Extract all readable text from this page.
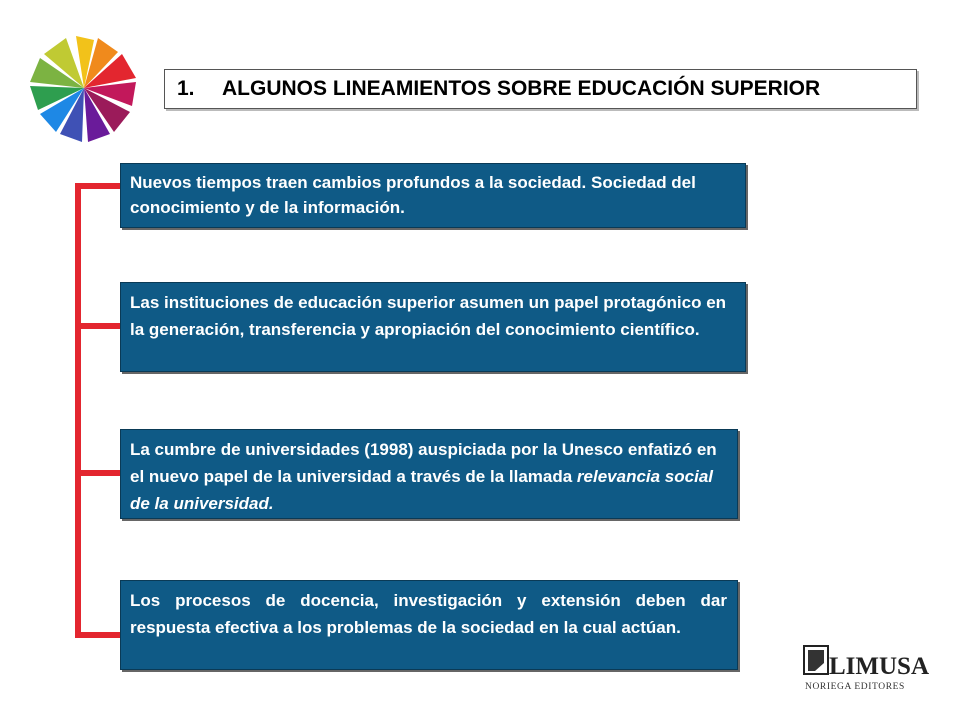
1.	ALGUNOS LINEAMIENTOS SOBRE EDUCACIÓN SUPERIOR
Nuevos tiempos traen cambios profundos a la sociedad. Sociedad del conocimiento y de la información.
Las instituciones de educación superior asumen un papel protagónico en la generación, transferencia y apropiación del conocimiento científico.
La cumbre de universidades (1998) auspiciada por la Unesco enfatizó en el nuevo papel de la universidad a través de la llamada relevancia social de la universidad.
Los procesos de docencia, investigación y extensión deben dar respuesta efectiva a los problemas de la sociedad en la cual actúan.
LIMUSA
NORIEGA EDITORES
